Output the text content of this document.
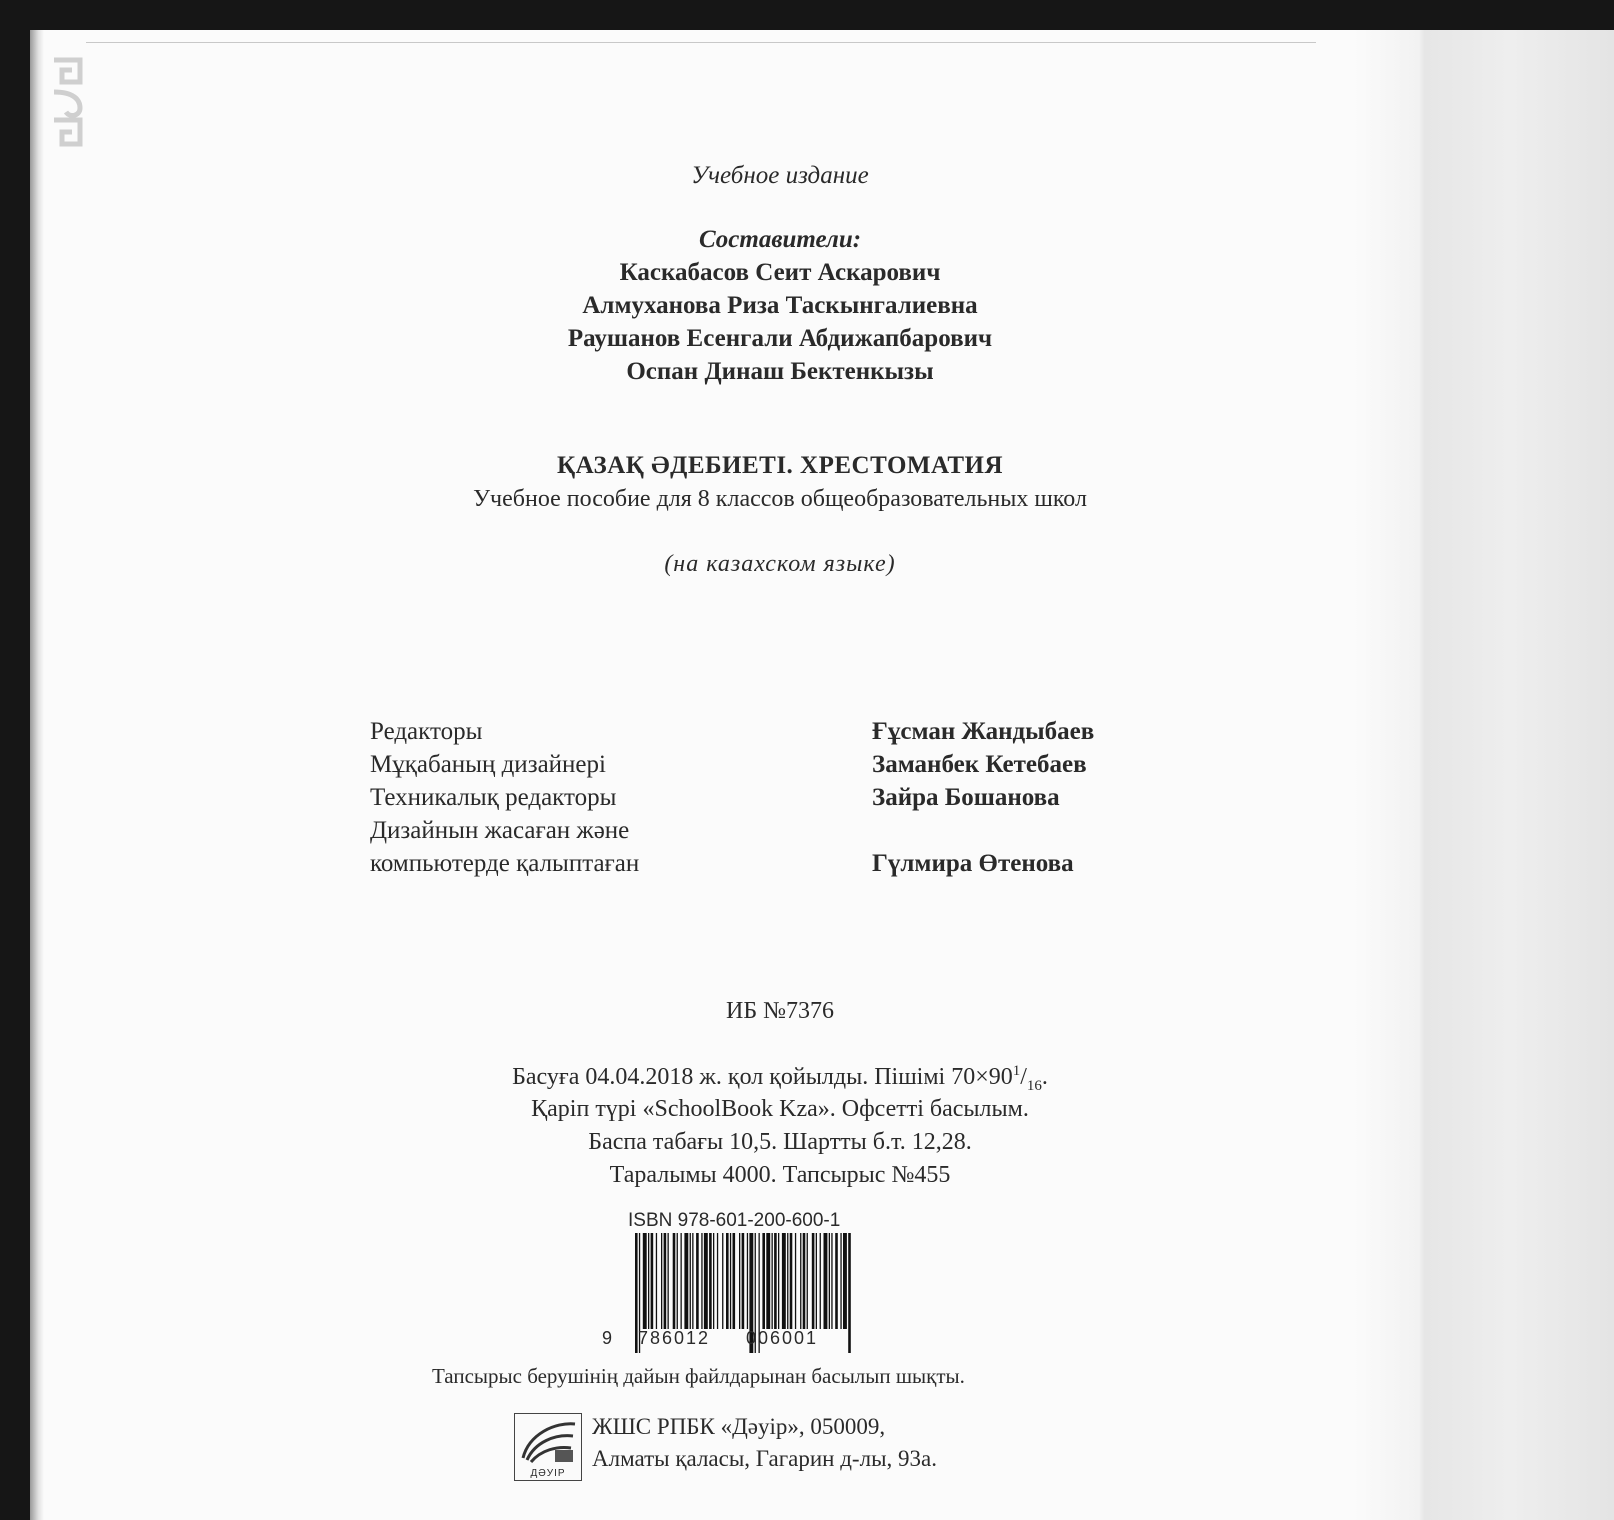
Учебное издание
Составители:
Каскабасов Сеит Аскарович
Алмуханова Риза Таскынгалиевна
Раушанов Есенгали Абдижапбарович
Оспан Динаш Бектенкызы
ҚАЗАҚ ӘДЕБИЕТІ. ХРЕСТОМАТИЯ
Учебное пособие для 8 классов общеобразовательных школ
(на казахском языке)
Редакторы	Ғұсман Жандыбаев
Мұқабаның дизайнері	Заманбек Кетебаев
Техникалық редакторы	Зайра Бошанова
Дизайнын жасаған және
компьютерде қалыптаған	Гүлмира Өтенова
ИБ №7376
Басуға 04.04.2018 ж. қол қойылды. Пішімі $70\times 90^1/_{16}$.
Қаріп түрі «SchoolBook Kza». Офсетті басылым.
Баспа табағы 10,5. Шартты б.т. 12,28.
Таралымы 4000. Тапсырыс №455
ISBN 978-601-200-600-1
9 786012 006001
Тапсырыс берушінің дайын файлдарынан басылып шықты.
ДӘУІР
ЖШС РПБК «Дәуір», 050009,
Алматы қаласы, Гагарин д-лы, 93а.
